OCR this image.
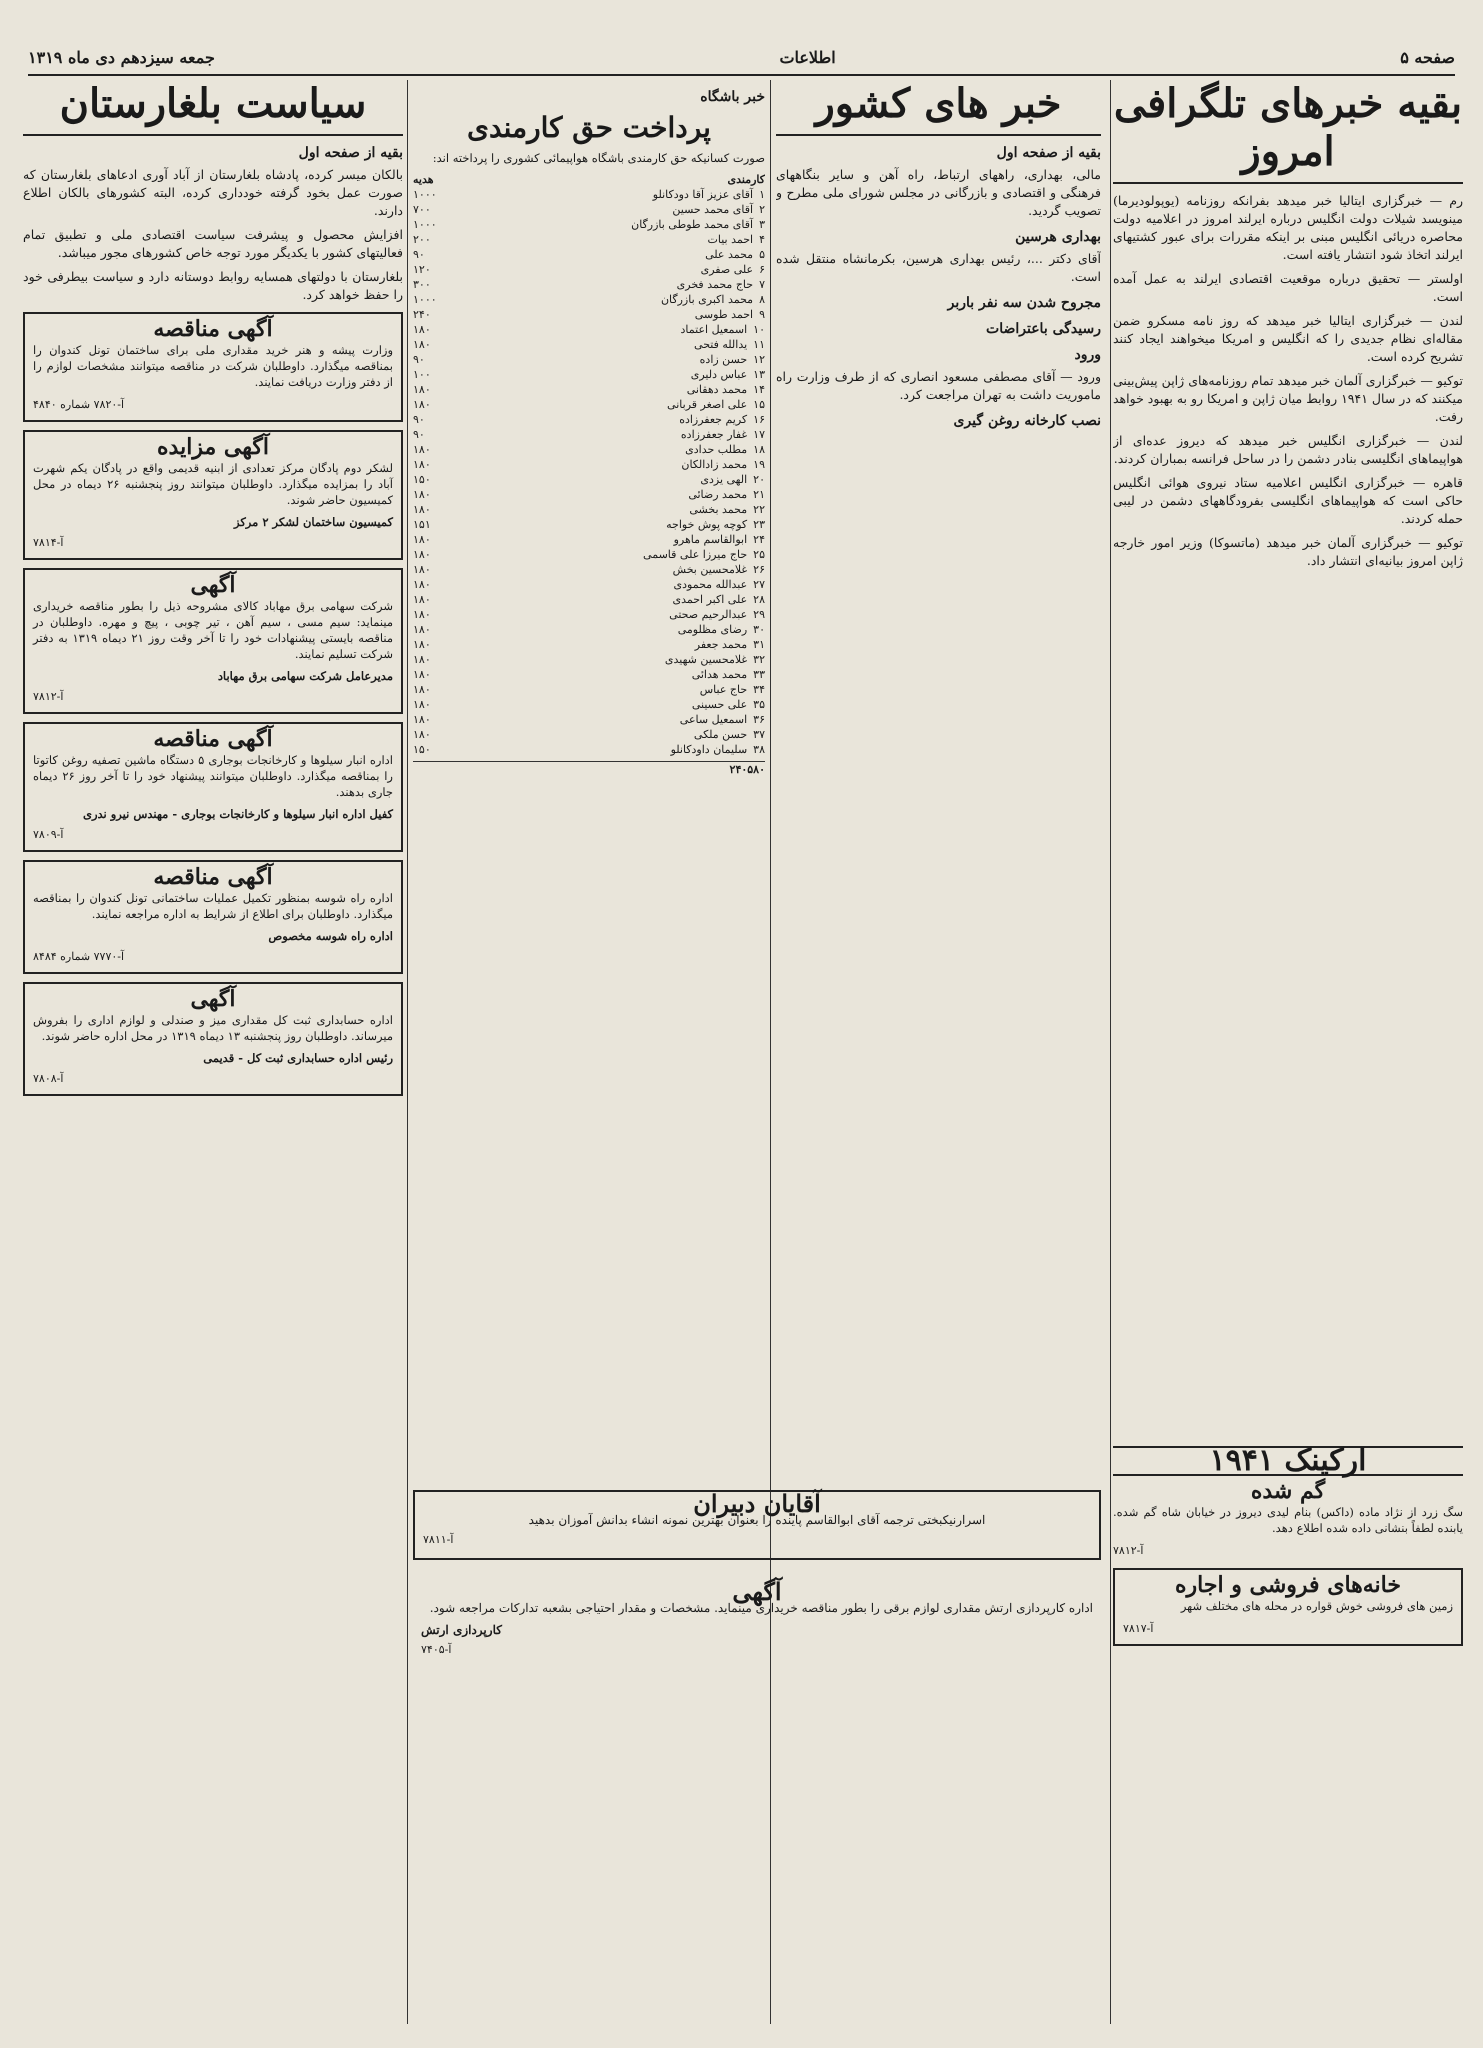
صفحه ۵
اطلاعات
جمعه سیزدهم دی ماه ۱۳۱۹
بقیه خبرهای تلگرافی امروز

رم — خبرگزاری ایتالیا خبر میدهد بفرانکه روزنامه (یوپولودیرما) مینویسد شیلات دولت انگلیس درباره ایرلند امروز در اعلامیه دولت محاصره دریائی انگلیس مبنی بر اینکه مقررات برای عبور کشتیهای ایرلند اتخاذ شود انتشار یافته است.

اولستر — تحقیق درباره موقعیت اقتصادی ایرلند به عمل آمده است.

لندن — خبرگزاری ایتالیا خبر میدهد که روز نامه مسکرو ضمن مقاله‌ای نظام جدیدی را که انگلیس و امریکا میخواهند ایجاد کنند تشریح کرده است.

توکیو — خبرگزاری آلمان خبر میدهد تمام روزنامه‌های ژاپن پیش‌بینی میکنند که در سال ۱۹۴۱ روابط میان ژاپن و امریکا رو به بهبود خواهد رفت.

لندن — خبرگزاری انگلیس خبر میدهد که دیروز عده‌ای از هواپیماهای انگلیسی بنادر دشمن را در ساحل فرانسه بمباران کردند.

قاهره — خبرگزاری انگلیس اعلامیه ستاد نیروی هوائی انگلیس حاکی است که هواپیماهای انگلیسی بفرودگاههای دشمن در لیبی حمله کردند.

توکیو — خبرگزاری آلمان خبر میدهد (ماتسوکا) وزیر امور خارجه ژاپن امروز بیانیه‌ای انتشار داد.

ارکینک ۱۹۴۱
گم شده

سگ زرد از نژاد ماده (داکس) بنام لیدی دیروز در خیابان شاه گم شده. یابنده لطفاً بنشانی داده شده اطلاع دهد.

آ-۷۸۱۲
خانه‌های فروشی و اجاره

زمین های فروشی خوش قواره در محله های مختلف شهر

آ-۷۸۱۷
خبر های کشور
بقیه از صفحه اول

مالی، بهداری، راههای ارتباط، راه آهن و سایر بنگاههای فرهنگی و اقتصادی و بازرگانی در مجلس شورای ملی مطرح و تصویب گردید.

بهداری هرسین

آقای دکتر ...، رئیس بهداری هرسین، بکرمانشاه منتقل شده است.

مجروح شدن سه نفر باربر
رسیدگی باعتراضات
ورود

ورود — آقای مصطفی مسعود انصاری که از طرف وزارت راه ماموریت داشت به تهران مراجعت کرد.

نصب کارخانه روغن گیری
خبر باشگاه
پرداخت حق کارمندی

صورت کسانیکه حق کارمندی باشگاه هواپیمائی کشوری را پرداخته اند:

کارمندی
هدیه
۱آقای عزیز آقا دودکانلو
۱۰۰۰
۲آقای محمد حسین
۷۰۰
۳آقای محمد طوطی بازرگان
۱۰۰۰
۴احمد بیات
۲۰۰
۵محمد علی
۹۰
۶علی صفری
۱۲۰
۷حاج محمد فخری
۳۰۰
۸محمد اکبری بازرگان
۱۰۰۰
۹احمد طوسی
۲۴۰
۱۰اسمعیل اعتماد
۱۸۰
۱۱یدالله فتحی
۱۸۰
۱۲حسن زاده
۹۰
۱۳عباس دلیری
۱۰۰
۱۴محمد دهقانی
۱۸۰
۱۵علی اصغر قربانی
۱۸۰
۱۶کریم جعفرزاده
۹۰
۱۷غفار جعفرزاده
۹۰
۱۸مطلب حدادی
۱۸۰
۱۹محمد زادالکان
۱۸۰
۲۰الهی یزدی
۱۵۰
۲۱محمد رضائی
۱۸۰
۲۲محمد بخشی
۱۸۰
۲۳کوچه پوش خواجه
۱۵۱
۲۴ابوالقاسم ماهرو
۱۸۰
۲۵حاج میرزا علی قاسمی
۱۸۰
۲۶غلامحسین بخش
۱۸۰
۲۷عبدالله محمودی
۱۸۰
۲۸علی اکبر احمدی
۱۸۰
۲۹عبدالرحیم صحتی
۱۸۰
۳۰رضای مظلومی
۱۸۰
۳۱محمد جعفر
۱۸۰
۳۲غلامحسین شهیدی
۱۸۰
۳۳محمد هدائی
۱۸۰
۳۴حاج عباس
۱۸۰
۳۵علی حسینی
۱۸۰
۳۶اسمعیل ساعی
۱۸۰
۳۷حسن ملکی
۱۸۰
۳۸سلیمان داودکانلو
۱۵۰
۲۴۰۵۸۰
سیاست بلغارستان
بقیه از صفحه اول

بالکان میسر کرده، پادشاه بلغارستان از آباد آوری ادعاهای بلغارستان که صورت عمل بخود گرفته خودداری کرده، البته کشورهای بالکان اطلاع دارند.

افزایش محصول و پیشرفت سیاست اقتصادی ملی و تطبیق تمام فعالیتهای کشور با یکدیگر مورد توجه خاص کشورهای مجور میباشد.

بلغارستان با دولتهای همسایه روابط دوستانه دارد و سیاست بیطرفی خود را حفظ خواهد کرد.

آگهی مناقصه

وزارت پیشه و هنر خرید مقداری ملی برای ساختمان تونل کندوان را بمناقصه میگذارد. داوطلبان شرکت در مناقصه میتوانند مشخصات لوازم را از دفتر وزارت دریافت نمایند.

آ-۷۸۲۰ شماره ۴۸۴۰
آگهی مزایده

لشکر دوم پادگان مرکز تعدادی از ابنیه قدیمی واقع در پادگان یکم شهرت آباد را بمزایده میگذارد. داوطلبان میتوانند روز پنجشنبه ۲۶ دیماه در محل کمیسیون حاضر شوند.

کمیسیون ساختمان لشکر ۲ مرکز
آ-۷۸۱۴
آگهی

شرکت سهامی برق مهاباد کالای مشروحه ذیل را بطور مناقصه خریداری مینماید: سیم مسی ، سیم آهن ، تیر چوبی ، پیچ و مهره. داوطلبان در مناقصه بایستی پیشنهادات خود را تا آخر وقت روز ۲۱ دیماه ۱۳۱۹ به دفتر شرکت تسلیم نمایند.

مدیرعامل شرکت سهامی برق مهاباد
آ-۷۸۱۲
آگهی مناقصه

اداره انبار سیلوها و کارخانجات بوجاری ۵ دستگاه ماشین تصفیه روغن کاتوتا را بمناقصه میگذارد. داوطلبان میتوانند پیشنهاد خود را تا آخر روز ۲۶ دیماه جاری بدهند.

کفیل اداره انبار سیلوها و کارخانجات بوجاری - مهندس نیرو ندری
آ-۷۸۰۹
آگهی مناقصه

اداره راه شوسه بمنظور تکمیل عملیات ساختمانی تونل کندوان را بمناقصه میگذارد. داوطلبان برای اطلاع از شرایط به اداره مراجعه نمایند.

اداره راه شوسه مخصوص
آ-۷۷۷۰ شماره ۸۴۸۴
آگهی

اداره حسابداری ثبت کل مقداری میز و صندلی و لوازم اداری را بفروش میرساند. داوطلبان روز پنجشنبه ۱۳ دیماه ۱۳۱۹ در محل اداره حاضر شوند.

رئیس اداره حسابداری ثبت کل - قدیمی
آ-۷۸۰۸
آقایان دبیران
اسرارنیکبختی ترجمه آقای ابوالقاسم پاینده را بعنوان بهترین نمونه انشاء بدانش آموزان بدهید
آ-۷۸۱۱
آگهی

اداره کارپردازی ارتش مقداری لوازم برقی را بطور مناقصه خریداری مینماید. مشخصات و مقدار احتیاجی بشعبه تدارکات مراجعه شود.

کارپردازی ارتش
آ-۷۴۰۵
